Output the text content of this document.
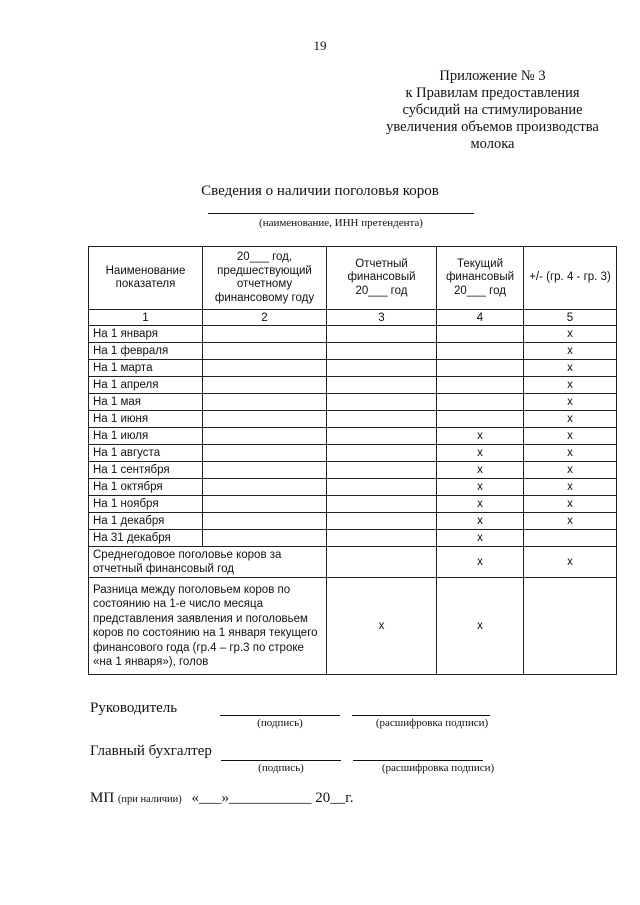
19
Приложение № 3
к Правилам предоставления
субсидий на стимулирование
увеличения объемов производства
молока
Сведения о наличии поголовья коров
(наименование, ИНН претендента)
Наименование показателя	20___ год, предшествующий отчетному финансовому году	Отчетный финансовый 20___ год	Текущий финансовый 20___ год	+/- (гр. 4 - гр. 3)
1	2	3	4	5
На 1 января				x
На 1 февраля				x
На 1 марта				x
На 1 апреля				x
На 1 мая				x
На 1 июня				x
На 1 июля			x	x
На 1 августа			x	x
На 1 сентября			x	x
На 1 октября			x	x
На 1 ноября			x	x
На 1 декабря			x	x
На 31 декабря			x	
Среднегодовое поголовье коров за отчетный финансовый год			x	x
Разница между поголовьем коров по состоянию на 1-е число месяца представления заявления и поголовьем коров по состоянию на 1 января текущего финансового года (гр.4 – гр.3 по строке «на 1 января»), голов		x	x	
Руководитель
(подпись)	(расшифровка подписи)
Главный бухгалтер
(подпись)	(расшифровка подписи)
МП (при наличии) «___»___________ 20__г.
